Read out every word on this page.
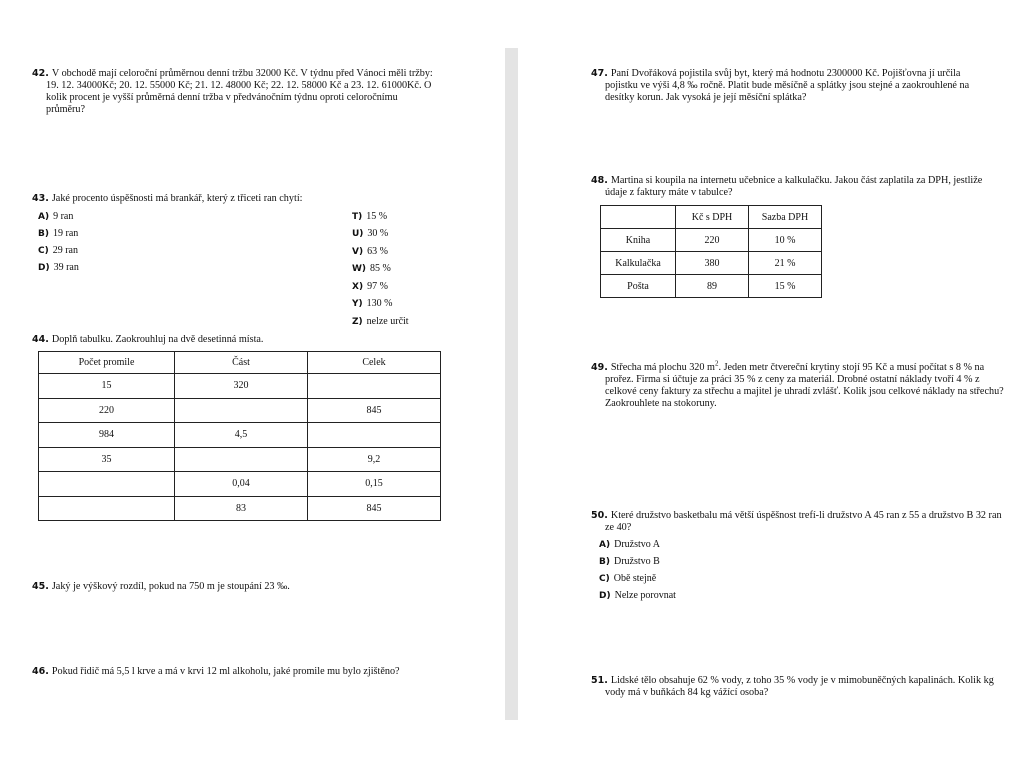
42. V obchodě mají celoroční průměrnou denní tržbu 32000 Kč. V týdnu před Vánoci měli tržby: 19. 12. 34000Kč; 20. 12. 55000 Kč; 21. 12. 48000 Kč; 22. 12. 58000 Kč a 23. 12. 61000Kč. O kolik procent je vyšší průměrná denní tržba v předvánočním týdnu oproti celoročnímu průměru?
43. Jaké procento úspěšnosti má brankář, který z třiceti ran chytí:
A) 9 ran
B) 19 ran
C) 29 ran
D) 39 ran
T) 15 %
U) 30 %
V) 63 %
W) 85 %
X) 97 %
Y) 130 %
Z) nelze určit
44. Doplň tabulku. Zaokrouhluj na dvě desetinná místa.
Počet promile	Část	Celek
15	320	
220		845
984	4,5	
35		9,2
	0,04	0,15
	83	845
45. Jaký je výškový rozdíl, pokud na 750 m je stoupání 23 ‰.
46. Pokud řidič má 5,5 l krve a má v krvi 12 ml alkoholu, jaké promile mu bylo zjištěno?
47. Paní Dvořáková pojistila svůj byt, který má hodnotu 2300000 Kč. Pojišťovna jí určila pojistku ve výši 4,8 ‰ ročně. Platit bude měsíčně a splátky jsou stejné a zaokrouhlené na desítky korun. Jak vysoká je její měsíční splátka?
48. Martina si koupila na internetu učebnice a kalkulačku. Jakou část zaplatila za DPH, jestliže údaje z faktury máte v tabulce?
	Kč s DPH	Sazba DPH
Kniha	220	10 %
Kalkulačka	380	21 %
Pošta	89	15 %
49. Střecha má plochu 320 $m^2$. Jeden metr čtvereční krytiny stojí 95 Kč a musí počítat s 8 % na prořez. Firma si účtuje za práci 35 % z ceny za materiál. Drobné ostatní náklady tvoří 4 % z celkové ceny faktury za střechu a majitel je uhradí zvlášť. Kolik jsou celkové náklady na střechu? Zaokrouhlete na stokoruny.
50. Které družstvo basketbalu má větší úspěšnost trefí-li družstvo A 45 ran z 55 a družstvo B 32 ran ze 40?
A) Družstvo A
B) Družstvo B
C) Obě stejně
D) Nelze porovnat
51. Lidské tělo obsahuje 62 % vody, z toho 35 % vody je v mimobuněčných kapalinách. Kolik kg vody má v buňkách 84 kg vážící osoba?
